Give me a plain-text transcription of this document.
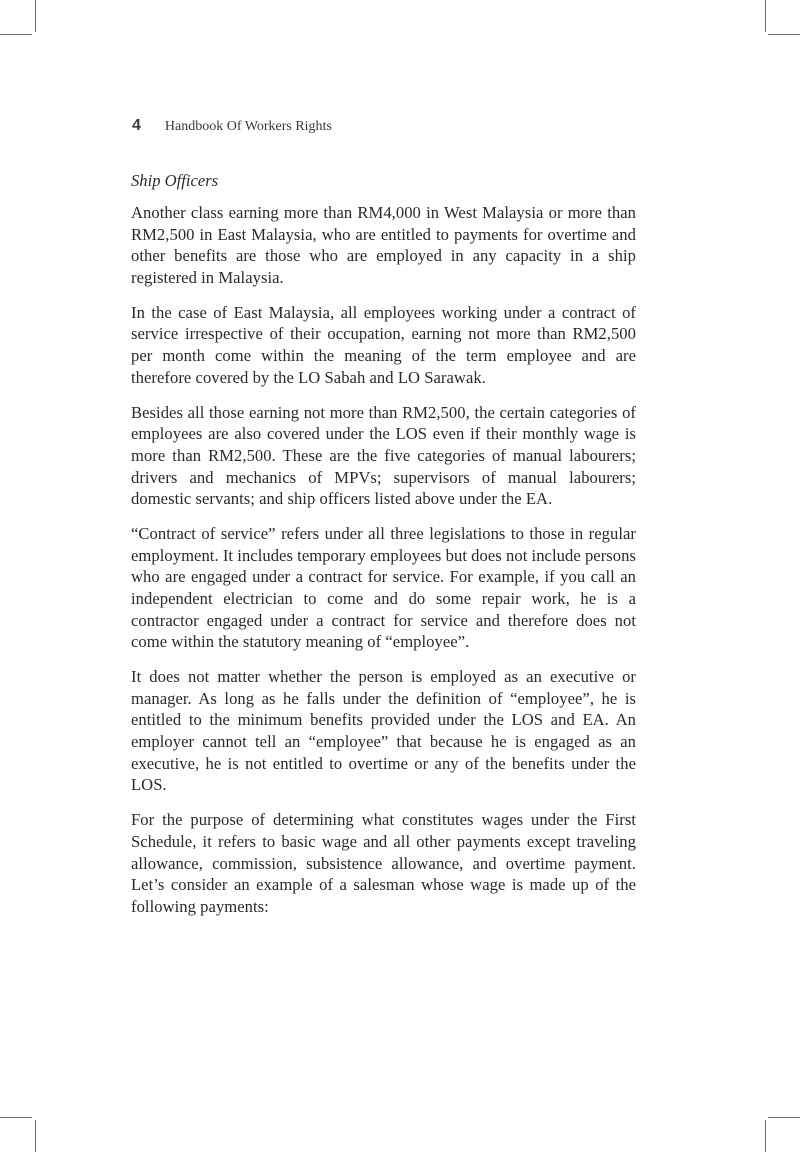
4 Handbook Of Workers Rights
Ship Officers

Another class earning more than RM4,000 in West Malaysia or more than RM2,500 in East Malaysia, who are entitled to payments for overtime and other benefits are those who are employed in any capacity in a ship registered in Malaysia.

In the case of East Malaysia, all employees working under a contract of service irrespective of their occupation, earning not more than RM2,500 per month come within the meaning of the term employee and are therefore covered by the LO Sabah and LO Sarawak.

Besides all those earning not more than RM2,500, the certain categories of employees are also covered under the LOS even if their monthly wage is more than RM2,500. These are the five categories of manual labourers; drivers and mechanics of MPVs; supervisors of manual labourers; domestic servants; and ship officers listed above under the EA.

“Contract of service” refers under all three legislations to those in regular employment. It includes temporary employees but does not include persons who are engaged under a contract for service. For example, if you call an independent electrician to come and do some repair work, he is a contractor engaged under a contract for service and therefore does not come within the statutory meaning of “employee”.

It does not matter whether the person is employed as an executive or manager. As long as he falls under the definition of “employee”, he is entitled to the minimum benefits provided under the LOS and EA. An employer cannot tell an “employee” that because he is engaged as an executive, he is not entitled to overtime or any of the benefits under the LOS.

For the purpose of determining what constitutes wages under the First Schedule, it refers to basic wage and all other payments except traveling allowance, commission, subsistence allowance, and overtime payment. Let’s consider an example of a salesman whose wage is made up of the following payments:
